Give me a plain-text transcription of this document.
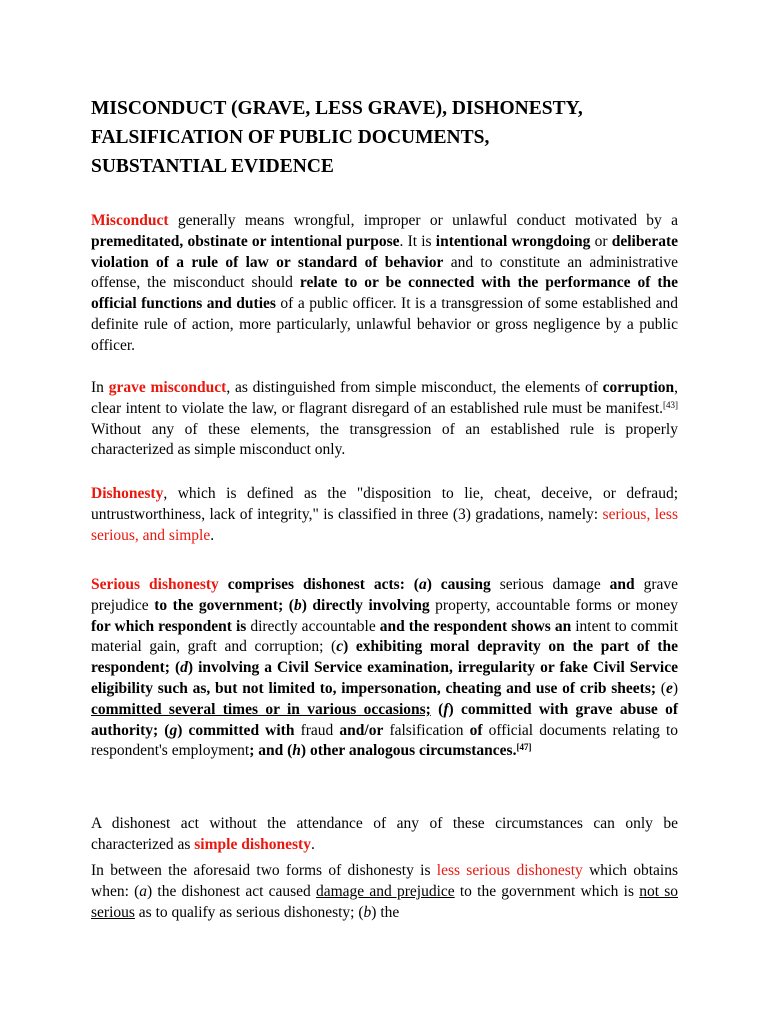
MISCONDUCT (GRAVE, LESS GRAVE), DISHONESTY,
FALSIFICATION OF PUBLIC DOCUMENTS,
SUBSTANTIAL EVIDENCE

Misconduct generally means wrongful, improper or unlawful conduct motivated by a premeditated, obstinate or intentional purpose. It is intentional wrongdoing or deliberate violation of a rule of law or standard of behavior and to constitute an administrative offense, the misconduct should relate to or be connected with the performance of the official functions and duties of a public officer. It is a transgression of some established and definite rule of action, more particularly, unlawful behavior or gross negligence by a public officer.

In grave misconduct, as distinguished from simple misconduct, the elements of corruption, clear intent to violate the law, or flagrant disregard of an established rule must be manifest.[43] Without any of these elements, the transgression of an established rule is properly characterized as simple misconduct only.

Dishonesty, which is defined as the "disposition to lie, cheat, deceive, or defraud; untrustworthiness, lack of integrity," is classified in three (3) gradations, namely: serious, less serious, and simple.

Serious dishonesty comprises dishonest acts: (a) causing serious damage and grave prejudice to the government; (b) directly involving property, accountable forms or money for which respondent is directly accountable and the respondent shows an intent to commit material gain, graft and corruption; (c) exhibiting moral depravity on the part of the respondent; (d) involving a Civil Service examination, irregularity or fake Civil Service eligibility such as, but not limited to, impersonation, cheating and use of crib sheets; (e) committed several times or in various occasions; (f) committed with grave abuse of authority; (g) committed with fraud and/or falsification of official documents relating to respondent's employment; and (h) other analogous circumstances.[47]

A dishonest act without the attendance of any of these circumstances can only be characterized as simple dishonesty.

In between the aforesaid two forms of dishonesty is less serious dishonesty which obtains when: (a) the dishonest act caused damage and prejudice to the government which is not so serious as to qualify as serious dishonesty; (b) the
